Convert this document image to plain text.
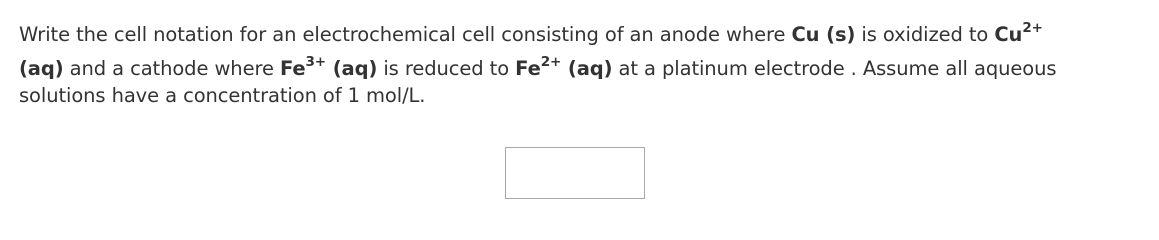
Write the cell notation for an electrochemical cell consisting of an anode where Cu (s) is oxidized to $Cu^{2+}$
(aq) and a cathode where $Fe^{3+}$ (aq) is reduced to $Fe^{2+}$ (aq) at a platinum electrode . Assume all aqueous
solutions have a concentration of 1 mol/L.
